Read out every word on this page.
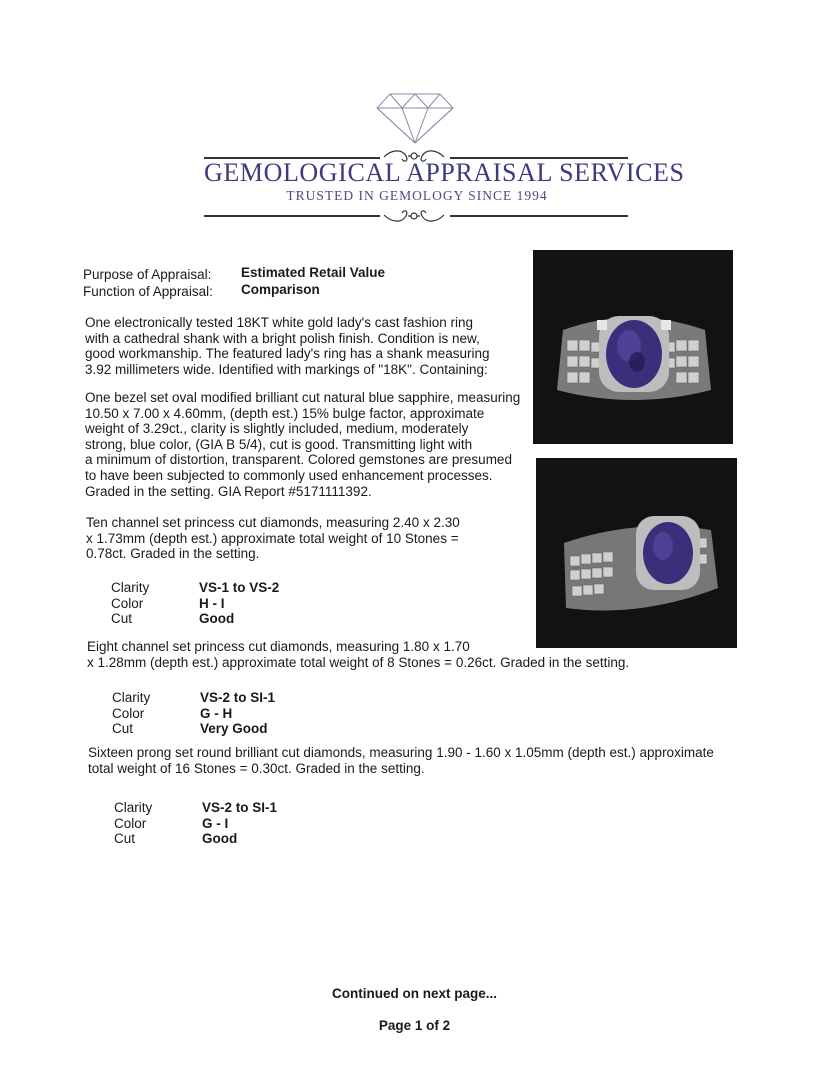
GEMOLOGICAL APPRAISAL SERVICES
TRUSTED IN GEMOLOGY SINCE 1994
Purpose of Appraisal: Estimated Retail Value
Function of Appraisal: Comparison
One electronically tested 18KT white gold lady's cast fashion ring
with a cathedral shank with a bright polish finish. Condition is new,
good workmanship. The featured lady's ring has a shank measuring
3.92 millimeters wide. Identified with markings of "18K". Containing:
One bezel set oval modified brilliant cut natural blue sapphire, measuring
10.50 x 7.00 x 4.60mm, (depth est.) 15% bulge factor, approximate
weight of 3.29ct., clarity is slightly included, medium, moderately
strong, blue color, (GIA B 5/4), cut is good. Transmitting light with
a minimum of distortion, transparent. Colored gemstones are presumed
to have been subjected to commonly used enhancement processes.
Graded in the setting. GIA Report #5171111392.
Ten channel set princess cut diamonds, measuring 2.40 x 2.30
x 1.73mm (depth est.) approximate total weight of 10 Stones =
0.78ct. Graded in the setting.
Clarity	VS-1 to VS-2
Color	H - I
Cut	Good
Eight channel set princess cut diamonds, measuring 1.80 x 1.70
x 1.28mm (depth est.) approximate total weight of 8 Stones = 0.26ct. Graded in the setting.
Clarity	VS-2 to SI-1
Color	G - H
Cut	Very Good
Sixteen prong set round brilliant cut diamonds, measuring 1.90 - 1.60 x 1.05mm (depth est.) approximate
total weight of 16 Stones = 0.30ct. Graded in the setting.
Clarity	VS-2 to SI-1
Color	G - I
Cut	Good
Continued on next page...
Page 1 of 2
